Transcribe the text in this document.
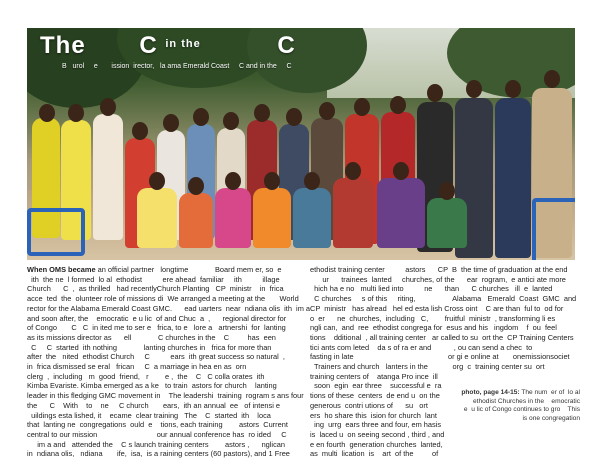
The C $^{in the}$	C
B   urol     e       ission  irector,   la ama Emerald Coast     C and in the     C
When OMS became an official partner   longtime             Board mem er, so  e
ith  the ne  l formed  lo al  ethodist          ere ahead  familiar     ith          illage
Church      C  ,  as thrilled   had recentlyChurch Planting   CP  ministr    in  frica
acce  ted  the  olunteer role of missions di  We arranged a meeting at the       World
rector for the Alabama Emerald Coast GMC.      ead uarters  near  ndiana olis  ith  im a
and soon after, the    emocratic  e u lic  of and Chuc  a  ,      regional director for
of Congo       C   C  in ited me to ser e   frica, to e   lore a   artnershi  for  lanting
as its missions director as      ell             C churches in the    C         has  een
C     C  started  ith nothing             lanting churches in   frica for more than
after  the   nited  ethodist Church     C          ears  ith great success so natural  ,
in  frica dismissed se eral   frican     C  a marriage in hea en as  orn
clerg  ,  including   m  good  friend,   r        e ,  the    C   C colla orates  ith
Kimba Evariste. Kimba emerged as a ke   to train  astors for church    lanting
leader in this fledging GMC movement in    The leadershi  training  rogram s ans four
the      C    With    to    ne     C church       ears,  ith an annual  ee   of intensi e
uildings esta lished, it    ecame  clear training   The    C  started  ith    loca
that  lanting ne  congregations  ould  e    tions, each training        astors  Current
central to our mission                             our annual conference has  ro ided     C
im a and   attended the    C s launch training centers        astors ,      nglican
in  ndiana olis,   ndiana       ife,  isa,  is a raining centers (60 pastors), and 1 Free
ethodist training center          astors      CP  B  the time of graduation at the end
ur      trainees  lanted     churches, of the      ear  rogram,  e antici ate more
hich ha e no   multi lied into          ne      than      C churches   ill  e  lanted
C churches     s of this     riting,                  Alabama   Emerald  Coast  GMC  and
CP  ministr   has alread   hel ed esta lish Cross oint    C are than  ful to  od for
o  er      ne  churches,  including   C,        fruitful  ministr  , transforming li es
ngli can,  and  ree  ethodist congrega for  esus and his   ingdom    f  ou  feel
tions    dditional  , all training center   ar called to su  ort the  CP Training Centers
tici ants com leted    da s of ra er and           , ou can send a chec  to
fasting in late                                              or gi e online at       onemissionsociet
Trainers and church   lanters in the            org  c  training center su  ort
training centers of    atanga Pro ince  ill
soon  egin  ear three    successful e  ra
tions of these  centers  de end u  on the
generous  contri utions of      su   ort
ers  ho share this  ision for church  lant
ing  urrg  ears three and four, em hasis
is  laced u  on seeing second , third , and
e en fourth  generation churches  lanted,
as  multi  lication  is    art  of the         of
photo, page 14-15: The num  er of  lo al
ethodist Churches in the    emocratic
e  u lic of Congo continues to gro    This
is one congregation
